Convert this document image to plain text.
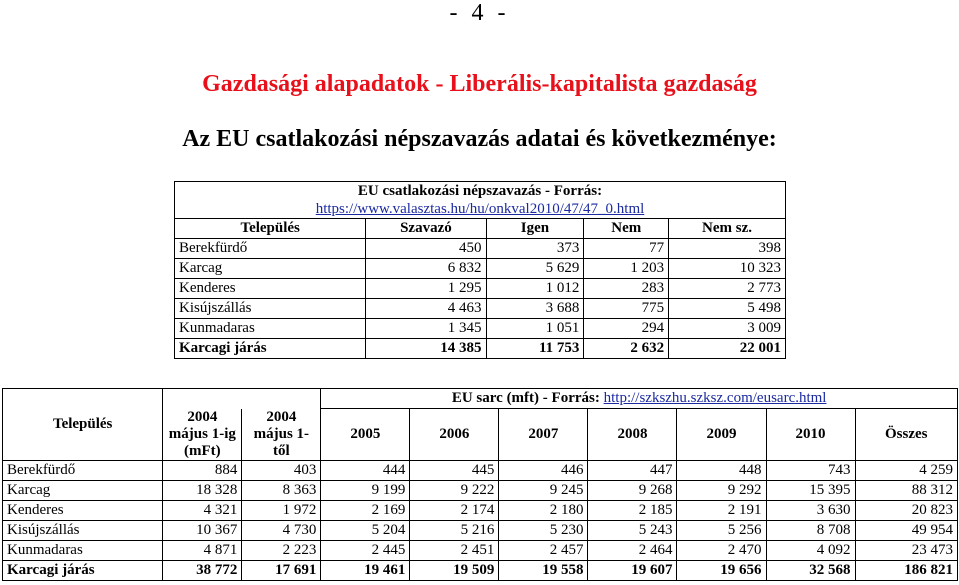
- 4 -
Gazdasági alapadatok - Liberális-kapitalista gazdaság
Az EU csatlakozási népszavazás adatai és következménye:
EU csatlakozási népszavazás - Forrás:				
https://www.valasztas.hu/hu/onkval2010/47/47_0.html				
Település	Szavazó	Igen	Nem	Nem sz.
Berekfürdő	450	373	77	398
Karcag	6 832	5 629	1 203	10 323
Kenderes	1 295	1 012	283	2 773
Kisújszállás	4 463	3 688	775	5 498
Kunmadaras	1 345	1 051	294	3 009
Karcagi járás	14 385	11 753	2 632	22 001
Település			EU sarc (mft) - Forrás: http://szkszhu.szksz.com/eusarc.html						
	2004 május 1-ig (mFt)	2004 május 1-től	2005	2006	2007	2008	2009	2010	Összes
Berekfürdő	884	403	444	445	446	447	448	743	4 259
Karcag	18 328	8 363	9 199	9 222	9 245	9 268	9 292	15 395	88 312
Kenderes	4 321	1 972	2 169	2 174	2 180	2 185	2 191	3 630	20 823
Kisújszállás	10 367	4 730	5 204	5 216	5 230	5 243	5 256	8 708	49 954
Kunmadaras	4 871	2 223	2 445	2 451	2 457	2 464	2 470	4 092	23 473
Karcagi járás	38 772	17 691	19 461	19 509	19 558	19 607	19 656	32 568	186 821
